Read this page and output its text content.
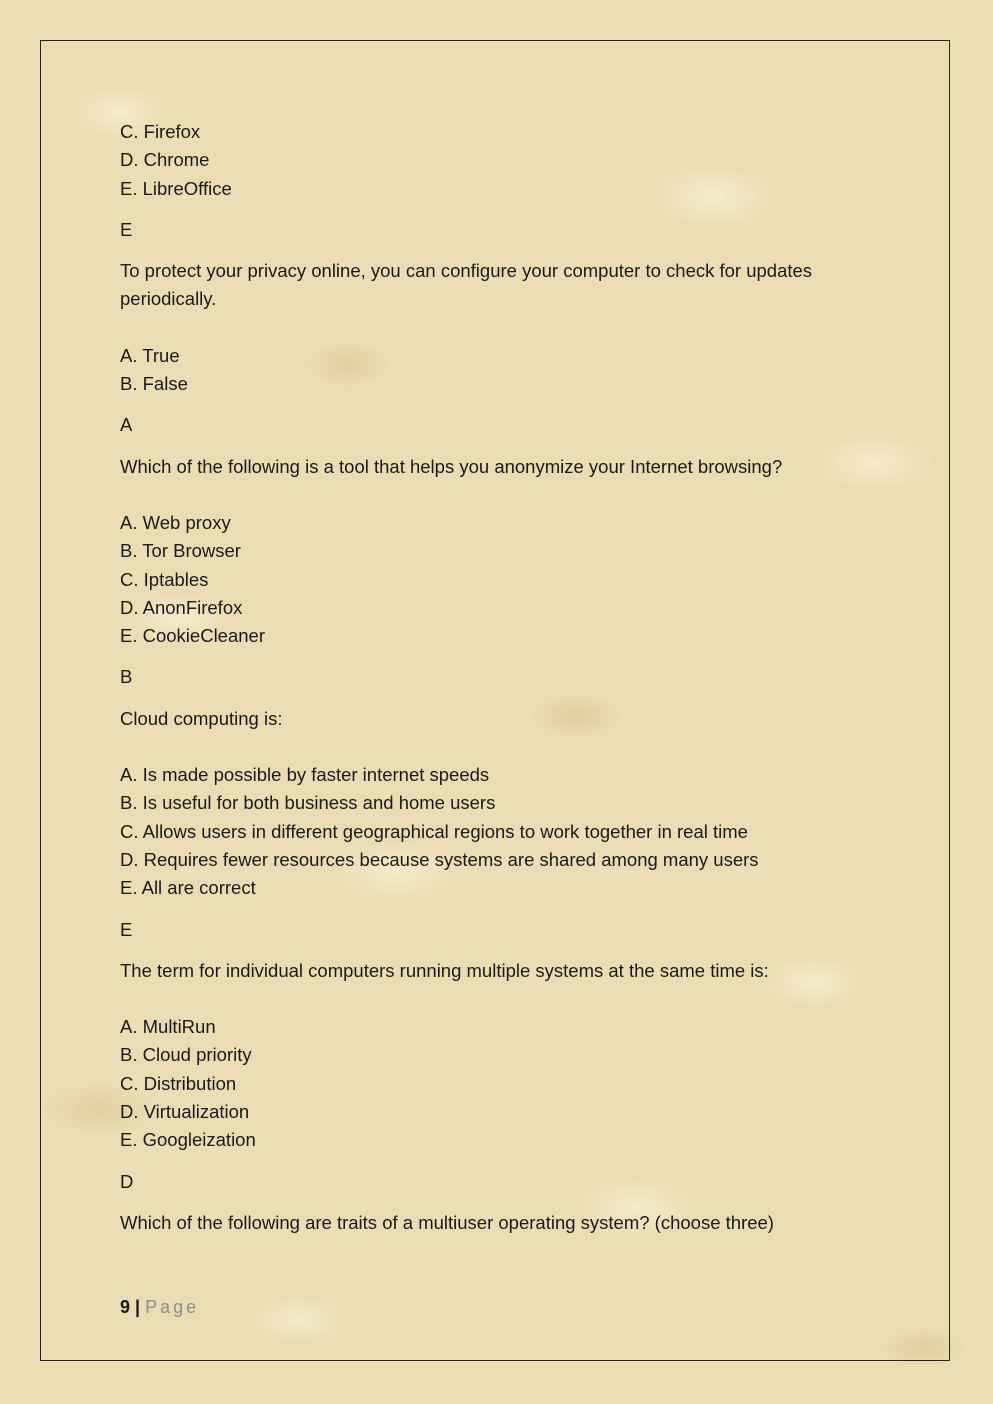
C. Firefox
D. Chrome
E. LibreOffice

E

To protect your privacy online, you can configure your computer to check for updates periodically.

A. True
B. False

A

Which of the following is a tool that helps you anonymize your Internet browsing?

A. Web proxy
B. Tor Browser
C. Iptables
D. AnonFirefox
E. CookieCleaner

B

Cloud computing is:

A. Is made possible by faster internet speeds
B. Is useful for both business and home users
C. Allows users in different geographical regions to work together in real time
D. Requires fewer resources because systems are shared among many users
E. All are correct

E

The term for individual computers running multiple systems at the same time is:

A. MultiRun
B. Cloud priority
C. Distribution
D. Virtualization
E. Googleization

D

Which of the following are traits of a multiuser operating system? (choose three)

9 | Page
